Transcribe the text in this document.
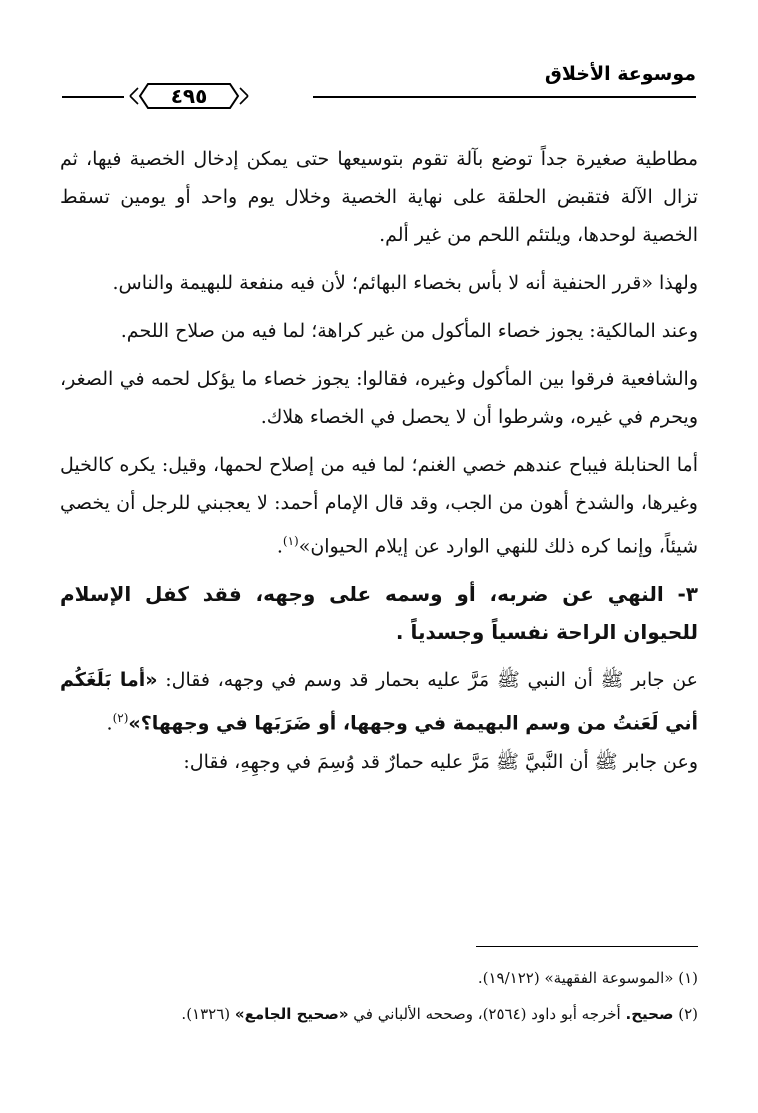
موسوعة الأخلاق
٤٩٥

مطاطية صغيرة جداً توضع بآلة تقوم بتوسيعها حتى يمكن إدخال الخصية فيها، ثم تزال الآلة فتقبض الحلقة على نهاية الخصية وخلال يوم واحد أو يومين تسقط الخصية لوحدها، ويلتئم اللحم من غير ألم.

ولهذا «قرر الحنفية أنه لا بأس بخصاء البهائم؛ لأن فيه منفعة للبهيمة والناس.

وعند المالكية: يجوز خصاء المأكول من غير كراهة؛ لما فيه من صلاح اللحم.

والشافعية فرقوا بين المأكول وغيره، فقالوا: يجوز خصاء ما يؤكل لحمه في الصغر، ويحرم في غيره، وشرطوا أن لا يحصل في الخصاء هلاك.

أما الحنابلة فيباح عندهم خصي الغنم؛ لما فيه من إصلاح لحمها، وقيل: يكره كالخيل وغيرها، والشدخ أهون من الجب، وقد قال الإمام أحمد: لا يعجبني للرجل أن يخصي شيئاً، وإنما كره ذلك للنهي الوارد عن إيلام الحيوان»$^{(١)}$.

٣- النهي عن ضربه، أو وسمه على وجهه، فقد كفل الإسلام للحيوان الراحة نفسياً وجسدياً .

عن جابر ﷺ أن النبي ﷺ مَرَّ عليه بحمار قد وسم في وجهه، فقال: «أما بَلَغَكُم أني لَعَنتُ من وسم البهيمة في وجهها، أو ضَرَبَها في وجهها؟»$^{(٢)}$.

وعن جابر ﷺ أن النَّبيَّ ﷺ مَرَّ عليه حمارٌ قد وُسِمَ في وجهِهِ، فقال:

(١) «الموسوعة الفقهية» (١٩/١٢٢).

(٢) صحيح. أخرجه أبو داود (٢٥٦٤)، وصححه الألباني في «صحيح الجامع» (١٣٢٦).
